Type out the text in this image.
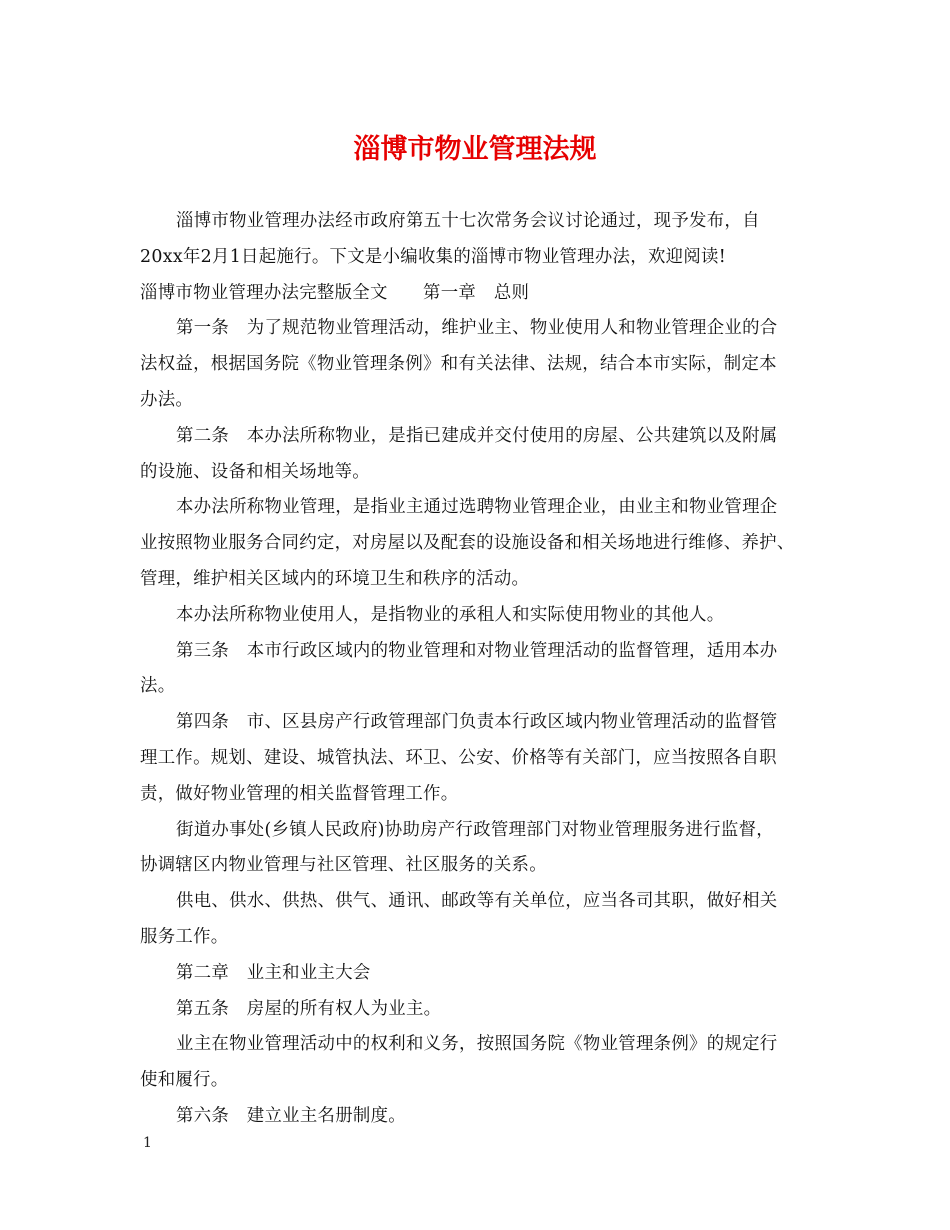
淄博市物业管理法规
淄博市物业管理办法经市政府第五十七次常务会议讨论通过，现予发布，自
20xx年2月1日起施行。下文是小编收集的淄博市物业管理办法，欢迎阅读!
淄博市物业管理办法完整版全文　　第一章　总则
第一条　为了规范物业管理活动，维护业主、物业使用人和物业管理企业的合
法权益，根据国务院《物业管理条例》和有关法律、法规，结合本市实际，制定本
办法。
第二条　本办法所称物业，是指已建成并交付使用的房屋、公共建筑以及附属
的设施、设备和相关场地等。
本办法所称物业管理，是指业主通过选聘物业管理企业，由业主和物业管理企
业按照物业服务合同约定，对房屋以及配套的设施设备和相关场地进行维修、养护、
管理，维护相关区域内的环境卫生和秩序的活动。
本办法所称物业使用人，是指物业的承租人和实际使用物业的其他人。
第三条　本市行政区域内的物业管理和对物业管理活动的监督管理，适用本办
法。
第四条　市、区县房产行政管理部门负责本行政区域内物业管理活动的监督管
理工作。规划、建设、城管执法、环卫、公安、价格等有关部门，应当按照各自职
责，做好物业管理的相关监督管理工作。
街道办事处(乡镇人民政府)协助房产行政管理部门对物业管理服务进行监督，
协调辖区内物业管理与社区管理、社区服务的关系。
供电、供水、供热、供气、通讯、邮政等有关单位，应当各司其职，做好相关
服务工作。
第二章　业主和业主大会
第五条　房屋的所有权人为业主。
业主在物业管理活动中的权利和义务，按照国务院《物业管理条例》的规定行
使和履行。
第六条　建立业主名册制度。
1
